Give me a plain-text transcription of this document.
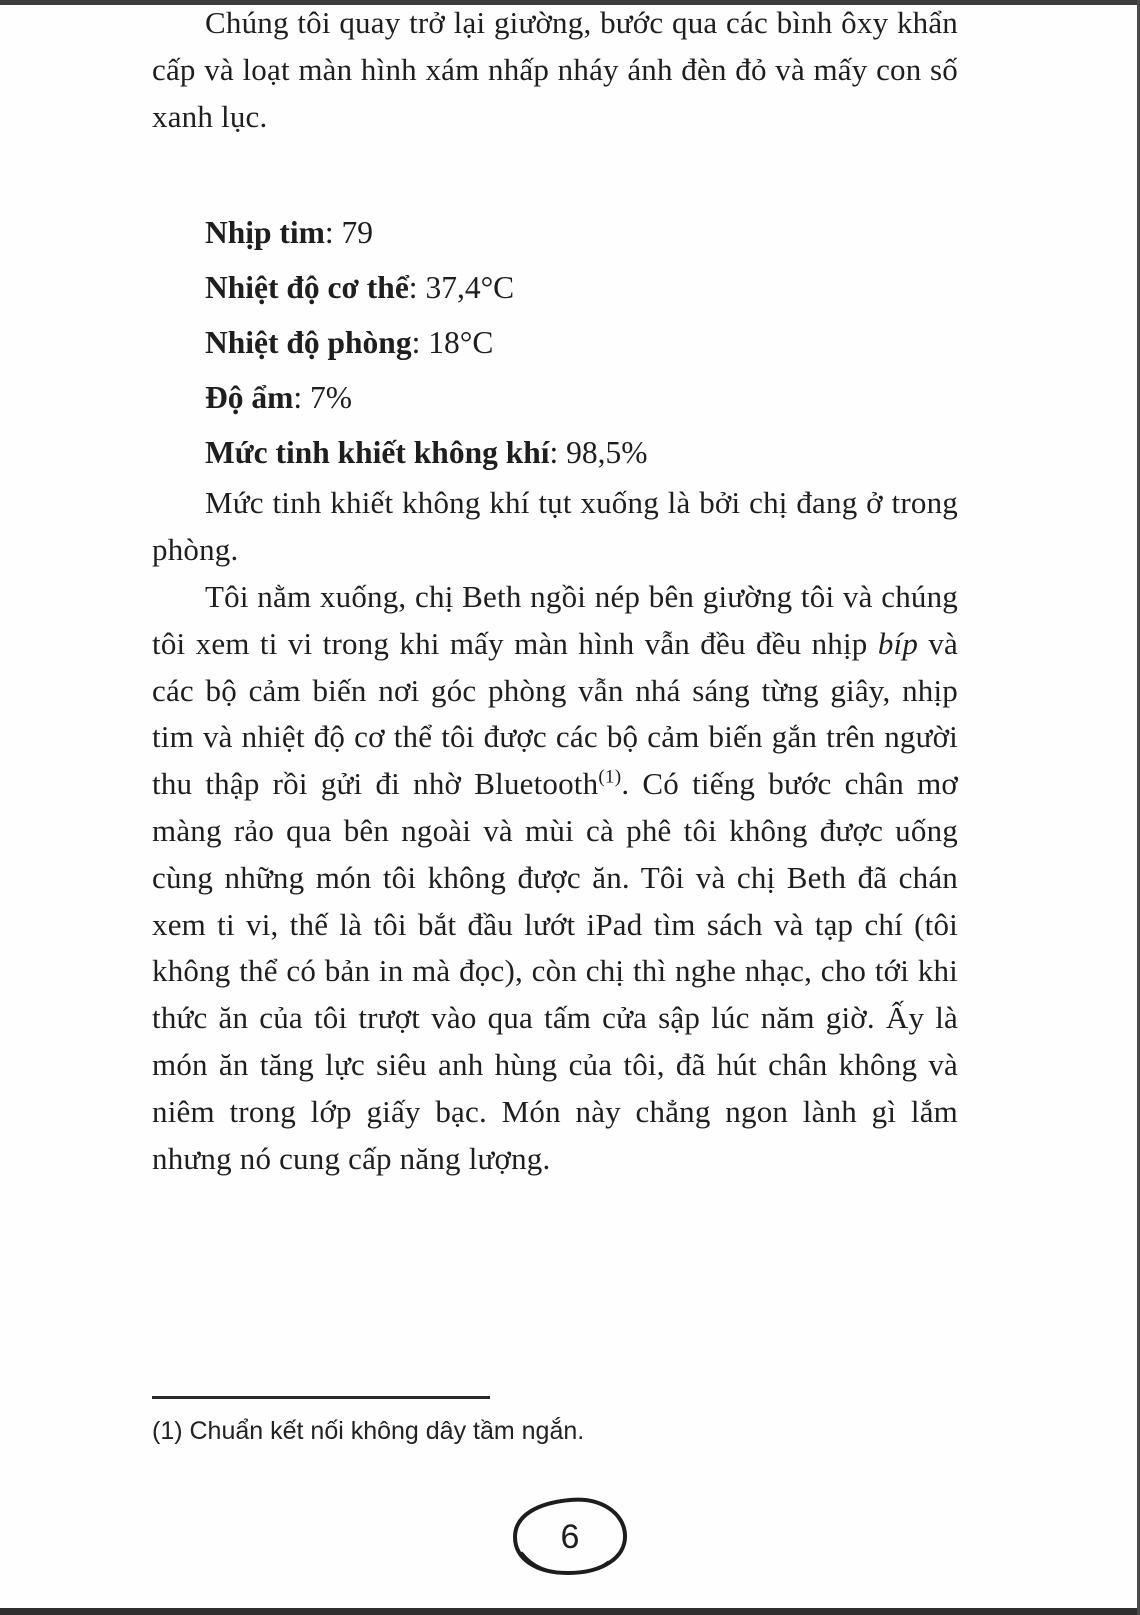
Chúng tôi quay trở lại giường, bước qua các bình ôxy khẩn cấp và loạt màn hình xám nhấp nháy ánh đèn đỏ và mấy con số xanh lục.

Nhịp tim: 79
Nhiệt độ cơ thể: 37,4°C
Nhiệt độ phòng: 18°C
Độ ẩm: 7%
Mức tinh khiết không khí: 98,5%

Mức tinh khiết không khí tụt xuống là bởi chị đang ở trong phòng.

Tôi nằm xuống, chị Beth ngồi nép bên giường tôi và chúng tôi xem ti vi trong khi mấy màn hình vẫn đều đều nhịp bíp và các bộ cảm biến nơi góc phòng vẫn nhá sáng từng giây, nhịp tim và nhiệt độ cơ thể tôi được các bộ cảm biến gắn trên người thu thập rồi gửi đi nhờ Bluetooth$^{(1)}$. Có tiếng bước chân mơ màng rảo qua bên ngoài và mùi cà phê tôi không được uống cùng những món tôi không được ăn. Tôi và chị Beth đã chán xem ti vi, thế là tôi bắt đầu lướt iPad tìm sách và tạp chí (tôi không thể có bản in mà đọc), còn chị thì nghe nhạc, cho tới khi thức ăn của tôi trượt vào qua tấm cửa sập lúc năm giờ. Ấy là món ăn tăng lực siêu anh hùng của tôi, đã hút chân không và niêm trong lớp giấy bạc. Món này chẳng ngon lành gì lắm nhưng nó cung cấp năng lượng.

(1) Chuẩn kết nối không dây tầm ngắn.

6
